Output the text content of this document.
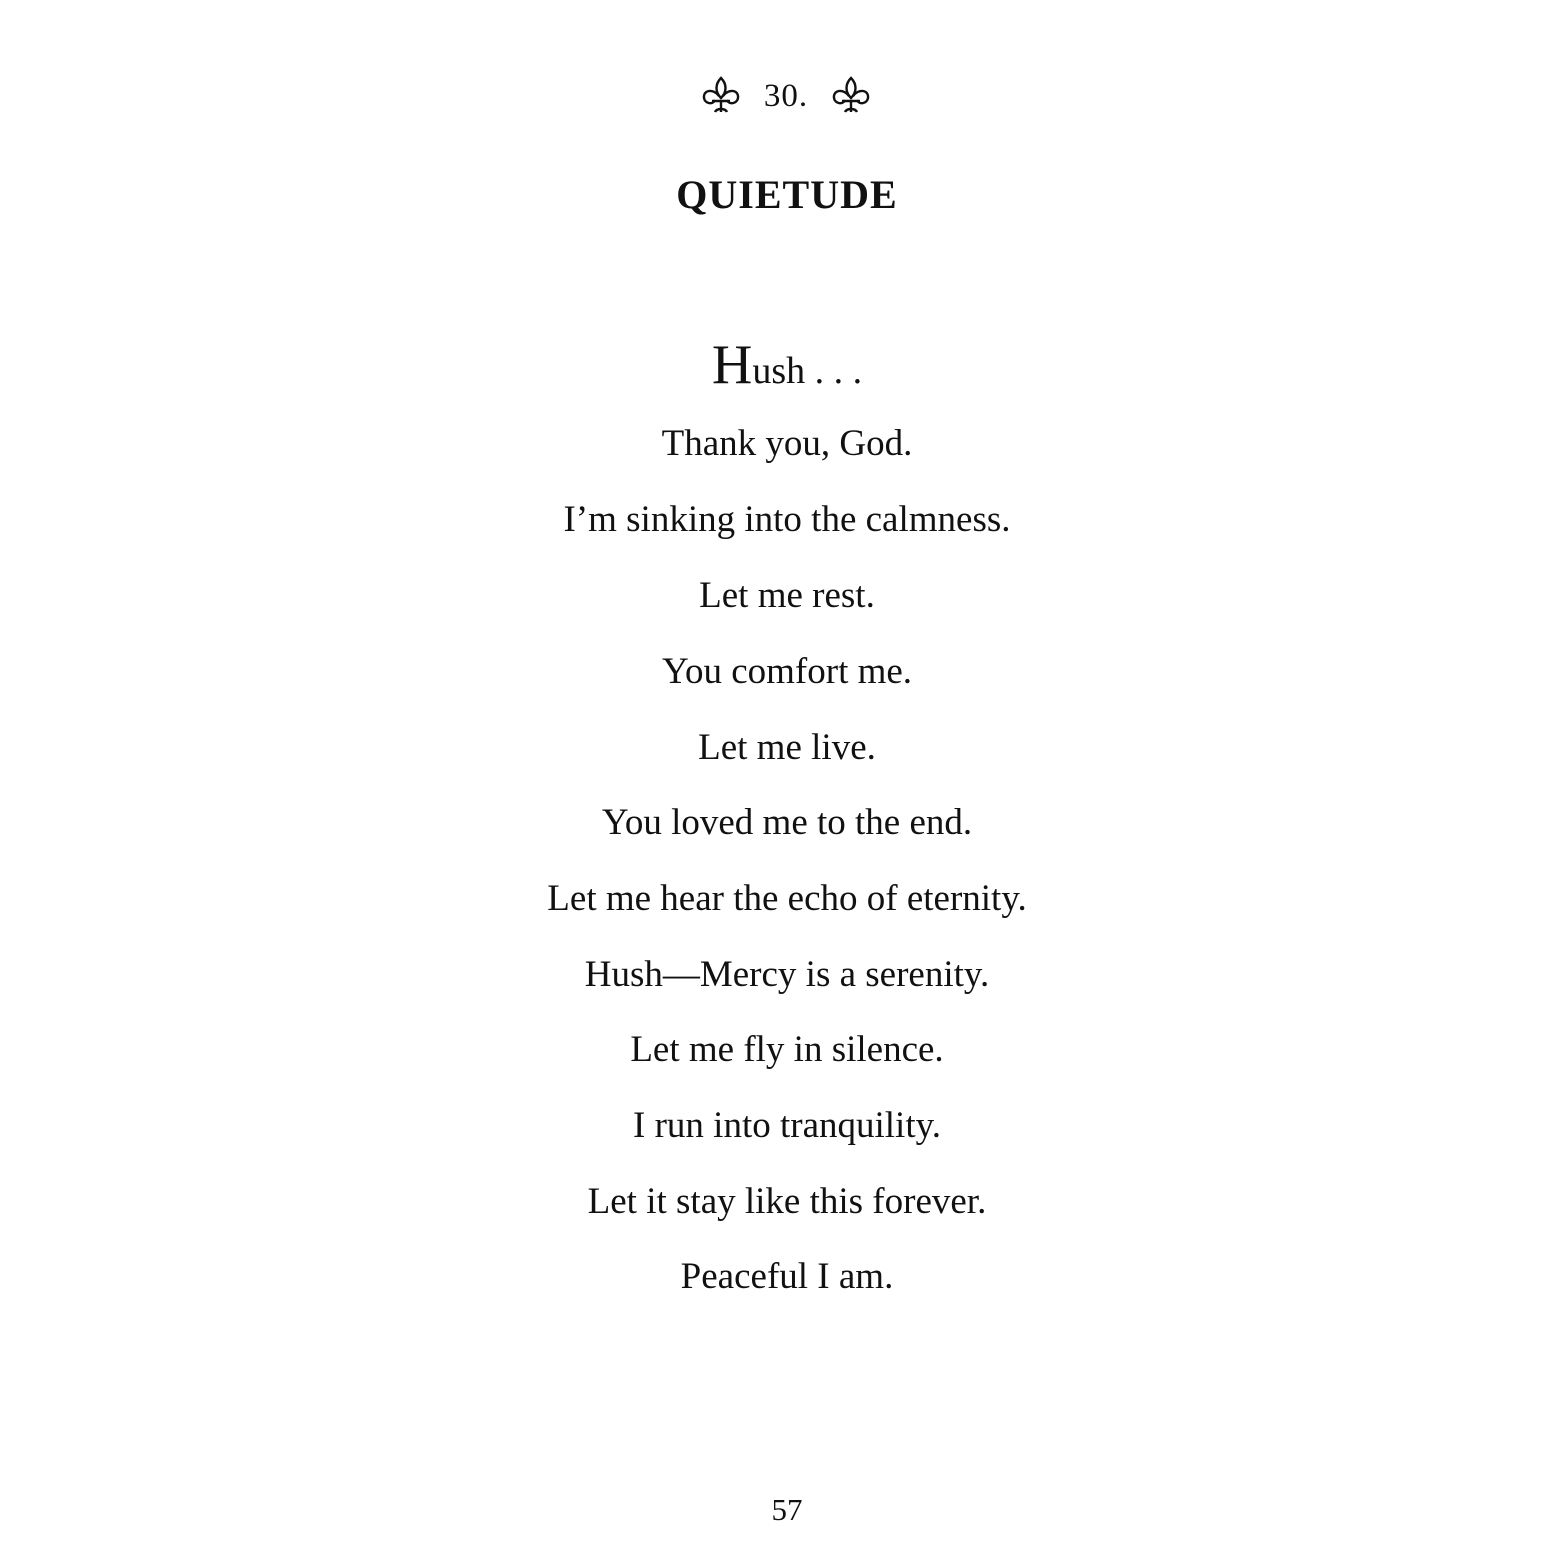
30.
QUIETUDE
Hush . . .
Thank you, God.
I’m sinking into the calmness.
Let me rest.
You comfort me.
Let me live.
You loved me to the end.
Let me hear the echo of eternity.
Hush—Mercy is a serenity.
Let me fly in silence.
I run into tranquility.
Let it stay like this forever.
Peaceful I am.
57
